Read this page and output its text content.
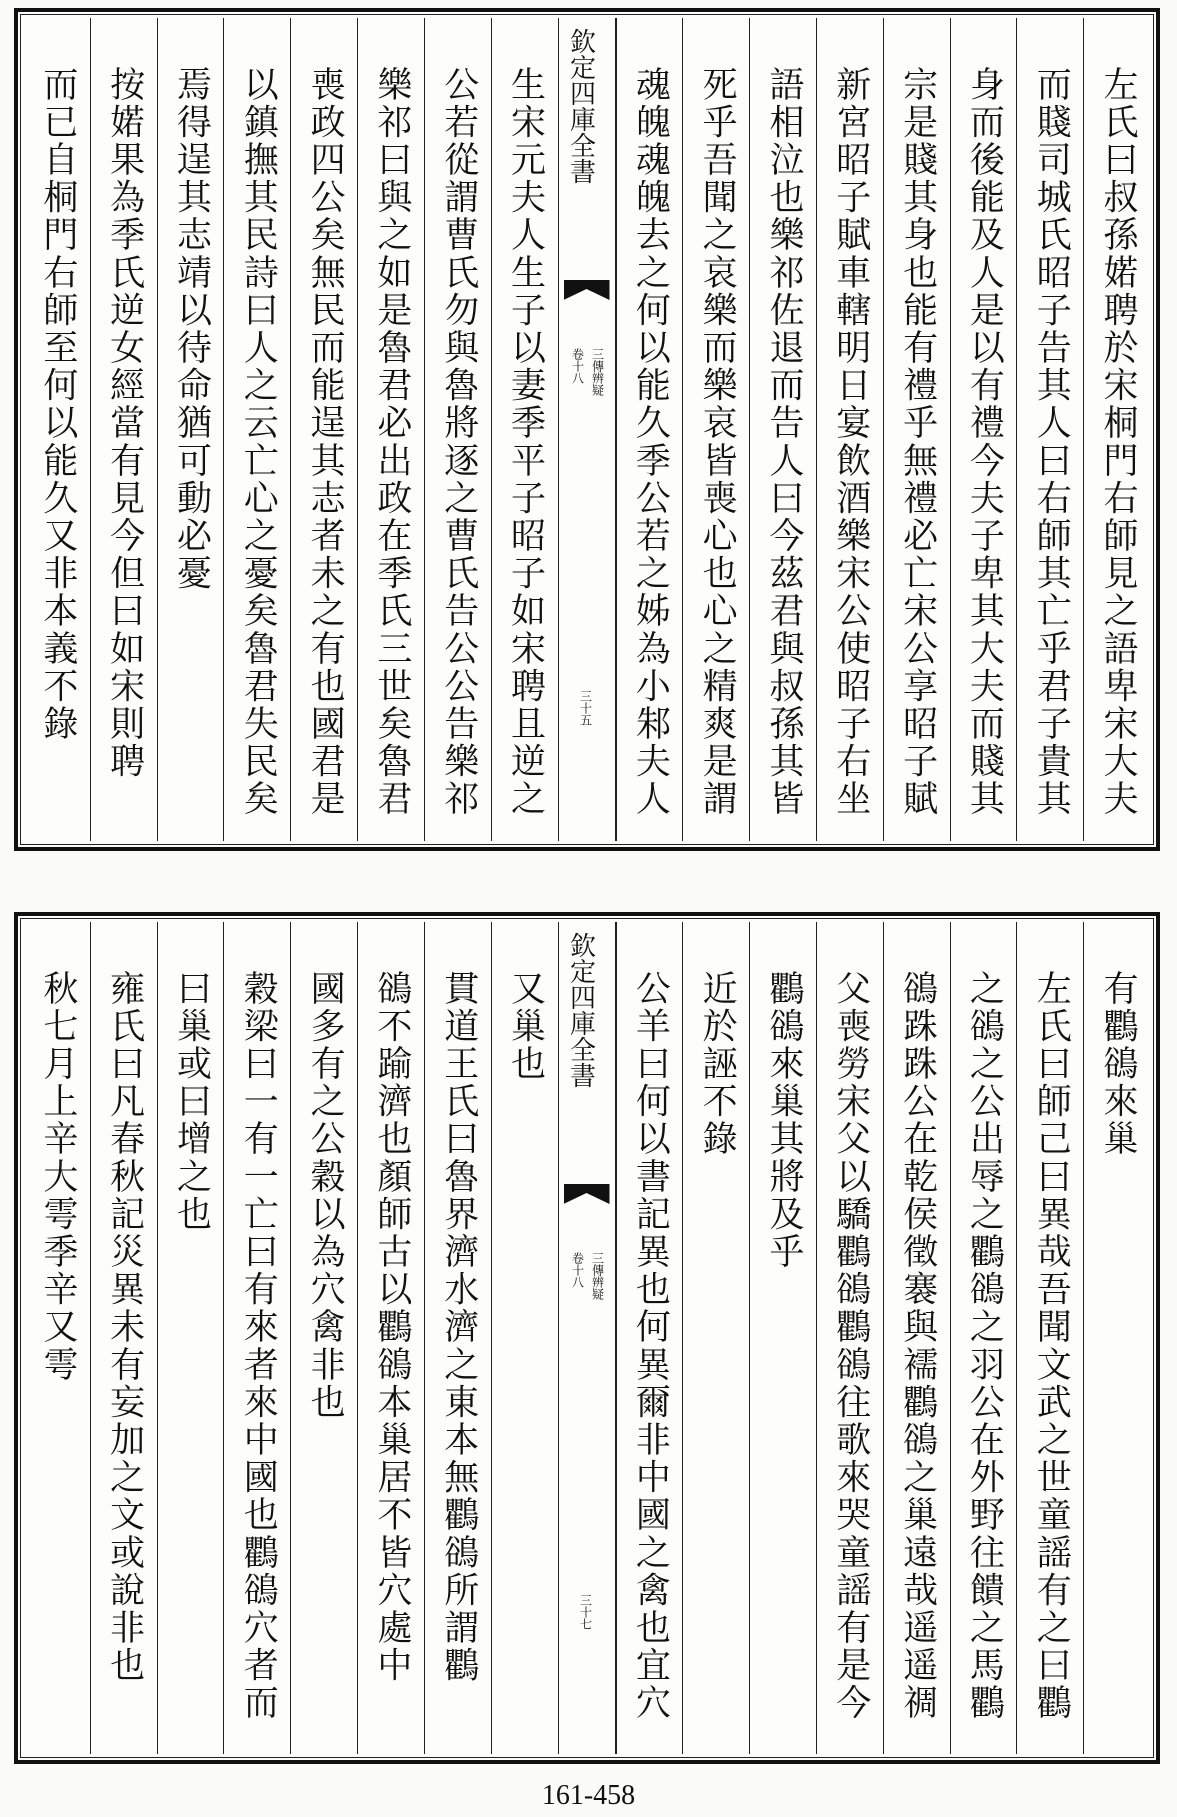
左氏曰叔孫婼聘於宋桐門右師見之語卑宋大夫
而賤司城氏昭子告其人曰右師其亡乎君子貴其
身而後能及人是以有禮今夫子卑其大夫而賤其
宗是賤其身也能有禮乎無禮必亡宋公享昭子賦
新宮昭子賦車轄明日宴飲酒樂宋公使昭子右坐
語相泣也樂祁佐退而告人曰今茲君與叔孫其皆
死乎吾聞之哀樂而樂哀皆喪心也心之精爽是謂
魂魄魂魄去之何以能久季公若之姊為小邾夫人
欽定四庫全書
三傳辨疑
卷十八
三十五
生宋元夫人生子以妻季平子昭子如宋聘且逆之
公若從謂曹氏勿與魯將逐之曹氏告公公告樂祁
樂祁曰與之如是魯君必出政在季氏三世矣魯君
喪政四公矣無民而能逞其志者未之有也國君是
以鎮撫其民詩曰人之云亡心之憂矣魯君失民矣
焉得逞其志靖以待命猶可動必憂
按婼果為季氏逆女經當有見今但曰如宋則聘
而已自桐門右師至何以能久又非本義不錄
有鸜鵒來巢
左氏曰師己曰異哉吾聞文武之世童謡有之曰鸜
之鵒之公出辱之鸜鵒之羽公在外野往饋之馬鸜
鵒跦跦公在乾侯徵褰與襦鸜鵒之巢遠哉遥遥禂
父喪勞宋父以驕鸜鵒鸜鵒往歌來哭童謡有是今
鸜鵒來巢其將及乎
近於誣不錄
公羊曰何以書記異也何異爾非中國之禽也宜穴
欽定四庫全書
三傳辨疑
卷十八
三十七
又巢也
貫道王氏曰魯界濟水濟之東本無鸜鵒所謂鸜
鵒不踰濟也顏師古以鸜鵒本巢居不皆穴處中
國多有之公穀以為穴禽非也
穀梁曰一有一亡曰有來者來中國也鸜鵒穴者而
曰巢或曰增之也
雍氏曰凡春秋記災異未有妄加之文或說非也
秋七月上辛大雩季辛又雩
161-458
